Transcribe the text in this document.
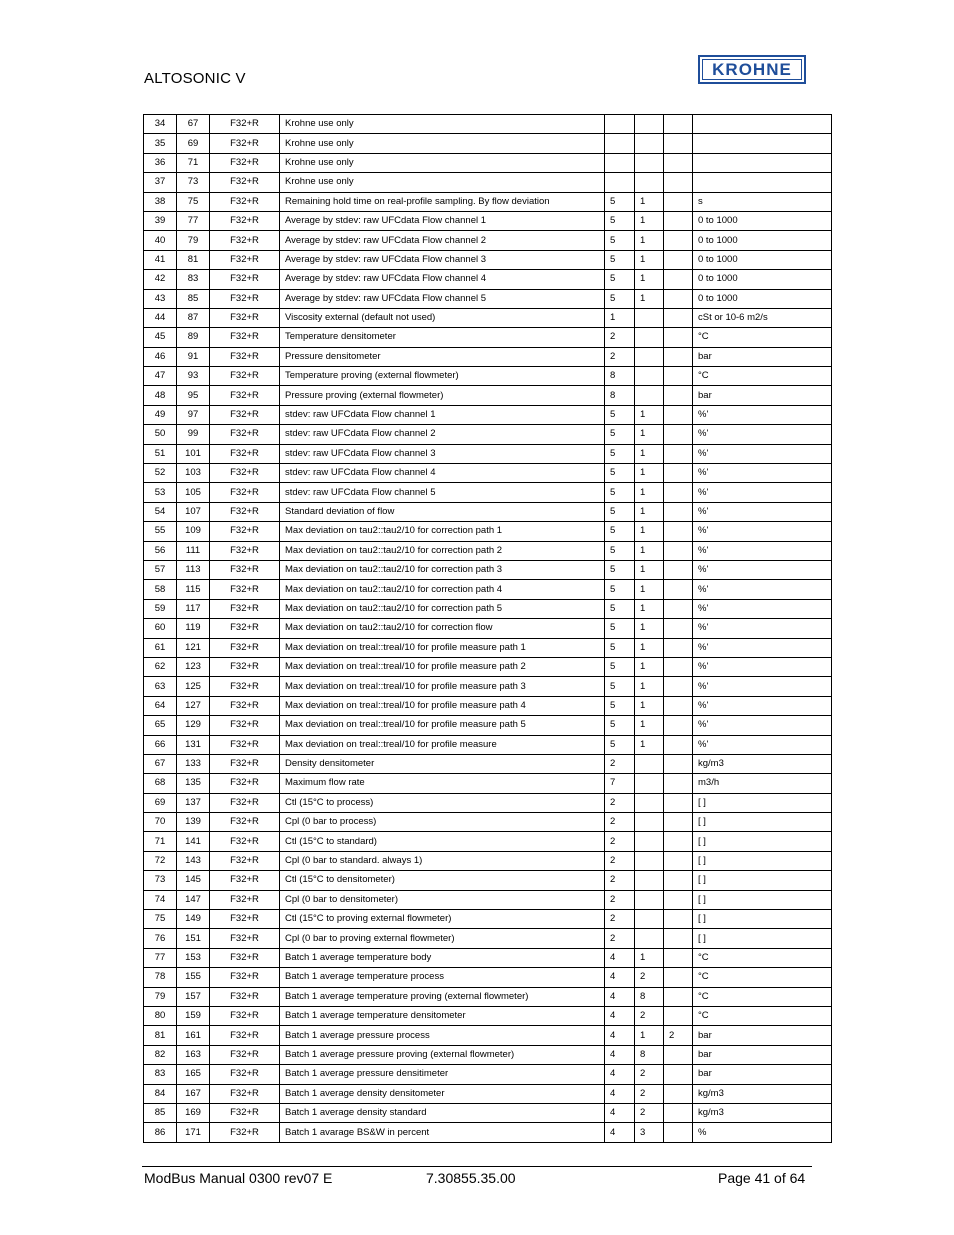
ALTOSONIC V	KROHNE
34	67	F32+R	Krohne use only				
35	69	F32+R	Krohne use only				
36	71	F32+R	Krohne use only				
37	73	F32+R	Krohne use only				
38	75	F32+R	Remaining hold time on real-profile sampling. By flow deviation	5	1		s
39	77	F32+R	Average by stdev: raw UFCdata Flow channel 1	5	1		0 to 1000
40	79	F32+R	Average by stdev: raw UFCdata Flow channel 2	5	1		0 to 1000
41	81	F32+R	Average by stdev: raw UFCdata Flow channel 3	5	1		0 to 1000
42	83	F32+R	Average by stdev: raw UFCdata Flow channel 4	5	1		0 to 1000
43	85	F32+R	Average by stdev: raw UFCdata Flow channel 5	5	1		0 to 1000
44	87	F32+R	Viscosity external (default not used)	1			cSt or 10-6 m2/s
45	89	F32+R	Temperature densitometer	2			°C
46	91	F32+R	Pressure densitometer	2			bar
47	93	F32+R	Temperature proving (external flowmeter)	8			°C
48	95	F32+R	Pressure proving (external flowmeter)	8			bar
49	97	F32+R	stdev: raw UFCdata Flow channel 1	5	1		%'
50	99	F32+R	stdev: raw UFCdata Flow channel 2	5	1		%'
51	101	F32+R	stdev: raw UFCdata Flow channel 3	5	1		%'
52	103	F32+R	stdev: raw UFCdata Flow channel 4	5	1		%'
53	105	F32+R	stdev: raw UFCdata Flow channel 5	5	1		%'
54	107	F32+R	Standard deviation of flow	5	1		%'
55	109	F32+R	Max deviation on tau2::tau2/10 for correction path 1	5	1		%'
56	111	F32+R	Max deviation on tau2::tau2/10 for correction path 2	5	1		%'
57	113	F32+R	Max deviation on tau2::tau2/10 for correction path 3	5	1		%'
58	115	F32+R	Max deviation on tau2::tau2/10 for correction path 4	5	1		%'
59	117	F32+R	Max deviation on tau2::tau2/10 for correction path 5	5	1		%'
60	119	F32+R	Max deviation on tau2::tau2/10 for correction flow	5	1		%'
61	121	F32+R	Max deviation on treal::treal/10 for profile measure path 1	5	1		%'
62	123	F32+R	Max deviation on treal::treal/10 for profile measure path 2	5	1		%'
63	125	F32+R	Max deviation on treal::treal/10 for profile measure path 3	5	1		%'
64	127	F32+R	Max deviation on treal::treal/10 for profile measure path 4	5	1		%'
65	129	F32+R	Max deviation on treal::treal/10 for profile measure path 5	5	1		%'
66	131	F32+R	Max deviation on treal::treal/10 for profile measure	5	1		%'
67	133	F32+R	Density densitometer	2			kg/m3
68	135	F32+R	Maximum flow rate	7			m3/h
69	137	F32+R	Ctl (15°C to process)	2			[ ]
70	139	F32+R	Cpl (0 bar to process)	2			[ ]
71	141	F32+R	Ctl (15°C to standard)	2			[ ]
72	143	F32+R	Cpl (0 bar to standard. always 1)	2			[ ]
73	145	F32+R	Ctl (15°C to densitometer)	2			[ ]
74	147	F32+R	Cpl (0 bar to densitometer)	2			[ ]
75	149	F32+R	Ctl (15°C to proving external flowmeter)	2			[ ]
76	151	F32+R	Cpl (0 bar to proving external flowmeter)	2			[ ]
77	153	F32+R	Batch 1 average temperature body	4	1		°C
78	155	F32+R	Batch 1 average temperature process	4	2		°C
79	157	F32+R	Batch 1 average temperature proving (external flowmeter)	4	8		°C
80	159	F32+R	Batch 1 average temperature densitometer	4	2		°C
81	161	F32+R	Batch 1 average pressure process	4	1	2	bar
82	163	F32+R	Batch 1 average pressure proving (external flowmeter)	4	8		bar
83	165	F32+R	Batch 1 average pressure densitimeter	4	2		bar
84	167	F32+R	Batch 1 average density densitometer	4	2		kg/m3
85	169	F32+R	Batch 1 average density standard	4	2		kg/m3
86	171	F32+R	Batch 1 avarage BS&W in percent	4	3		%
ModBus Manual 0300 rev07 E	7.30855.35.00	Page 41 of 64
